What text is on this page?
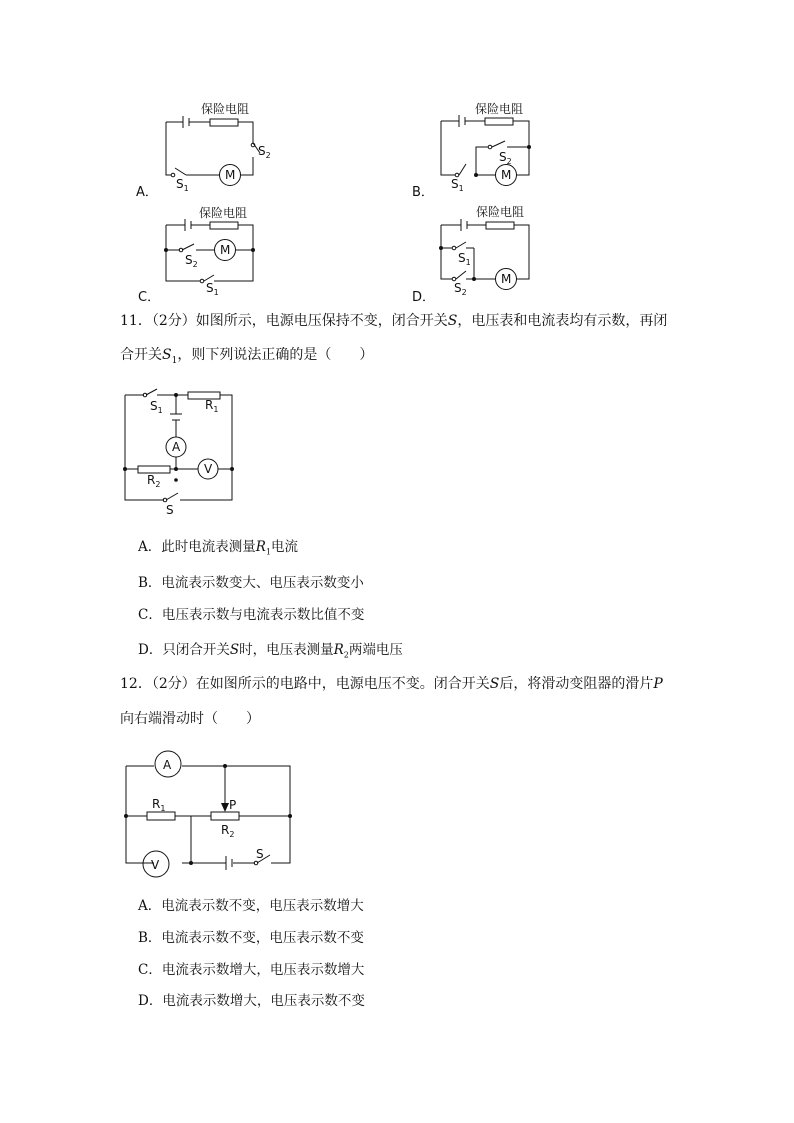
A．
保险电阻
$S_2$
M
$S_1$	B．
保险电阻
M
$S_1$
$S_2$
C．
保险电阻
$S_2$
M
$S_1$	D．
保险电阻
$S_1$
$S_2$
M
11．（2分）如图所示，电源电压保持不变，闭合开关S，电压表和电流表均有示数，再闭
合开关$S_1$，则下列说法正确的是（　　）
$S_1$	$R_1$
A
$R_2$
V
S
A．此时电流表测量$R_1$电流
B．电流表示数变大、电压表示数变小
C．电压表示数与电流表示数比值不变
D．只闭合开关S时，电压表测量$R_2$两端电压
12．（2分）在如图所示的电路中，电源电压不变。闭合开关S后，将滑动变阻器的滑片P
向右端滑动时（　　）
A
V
S
$R_1$
$R_2$
P
A．电流表示数不变，电压表示数增大
B．电流表示数不变，电压表示数不变
C．电流表示数增大，电压表示数增大
D．电流表示数增大，电压表示数不变
